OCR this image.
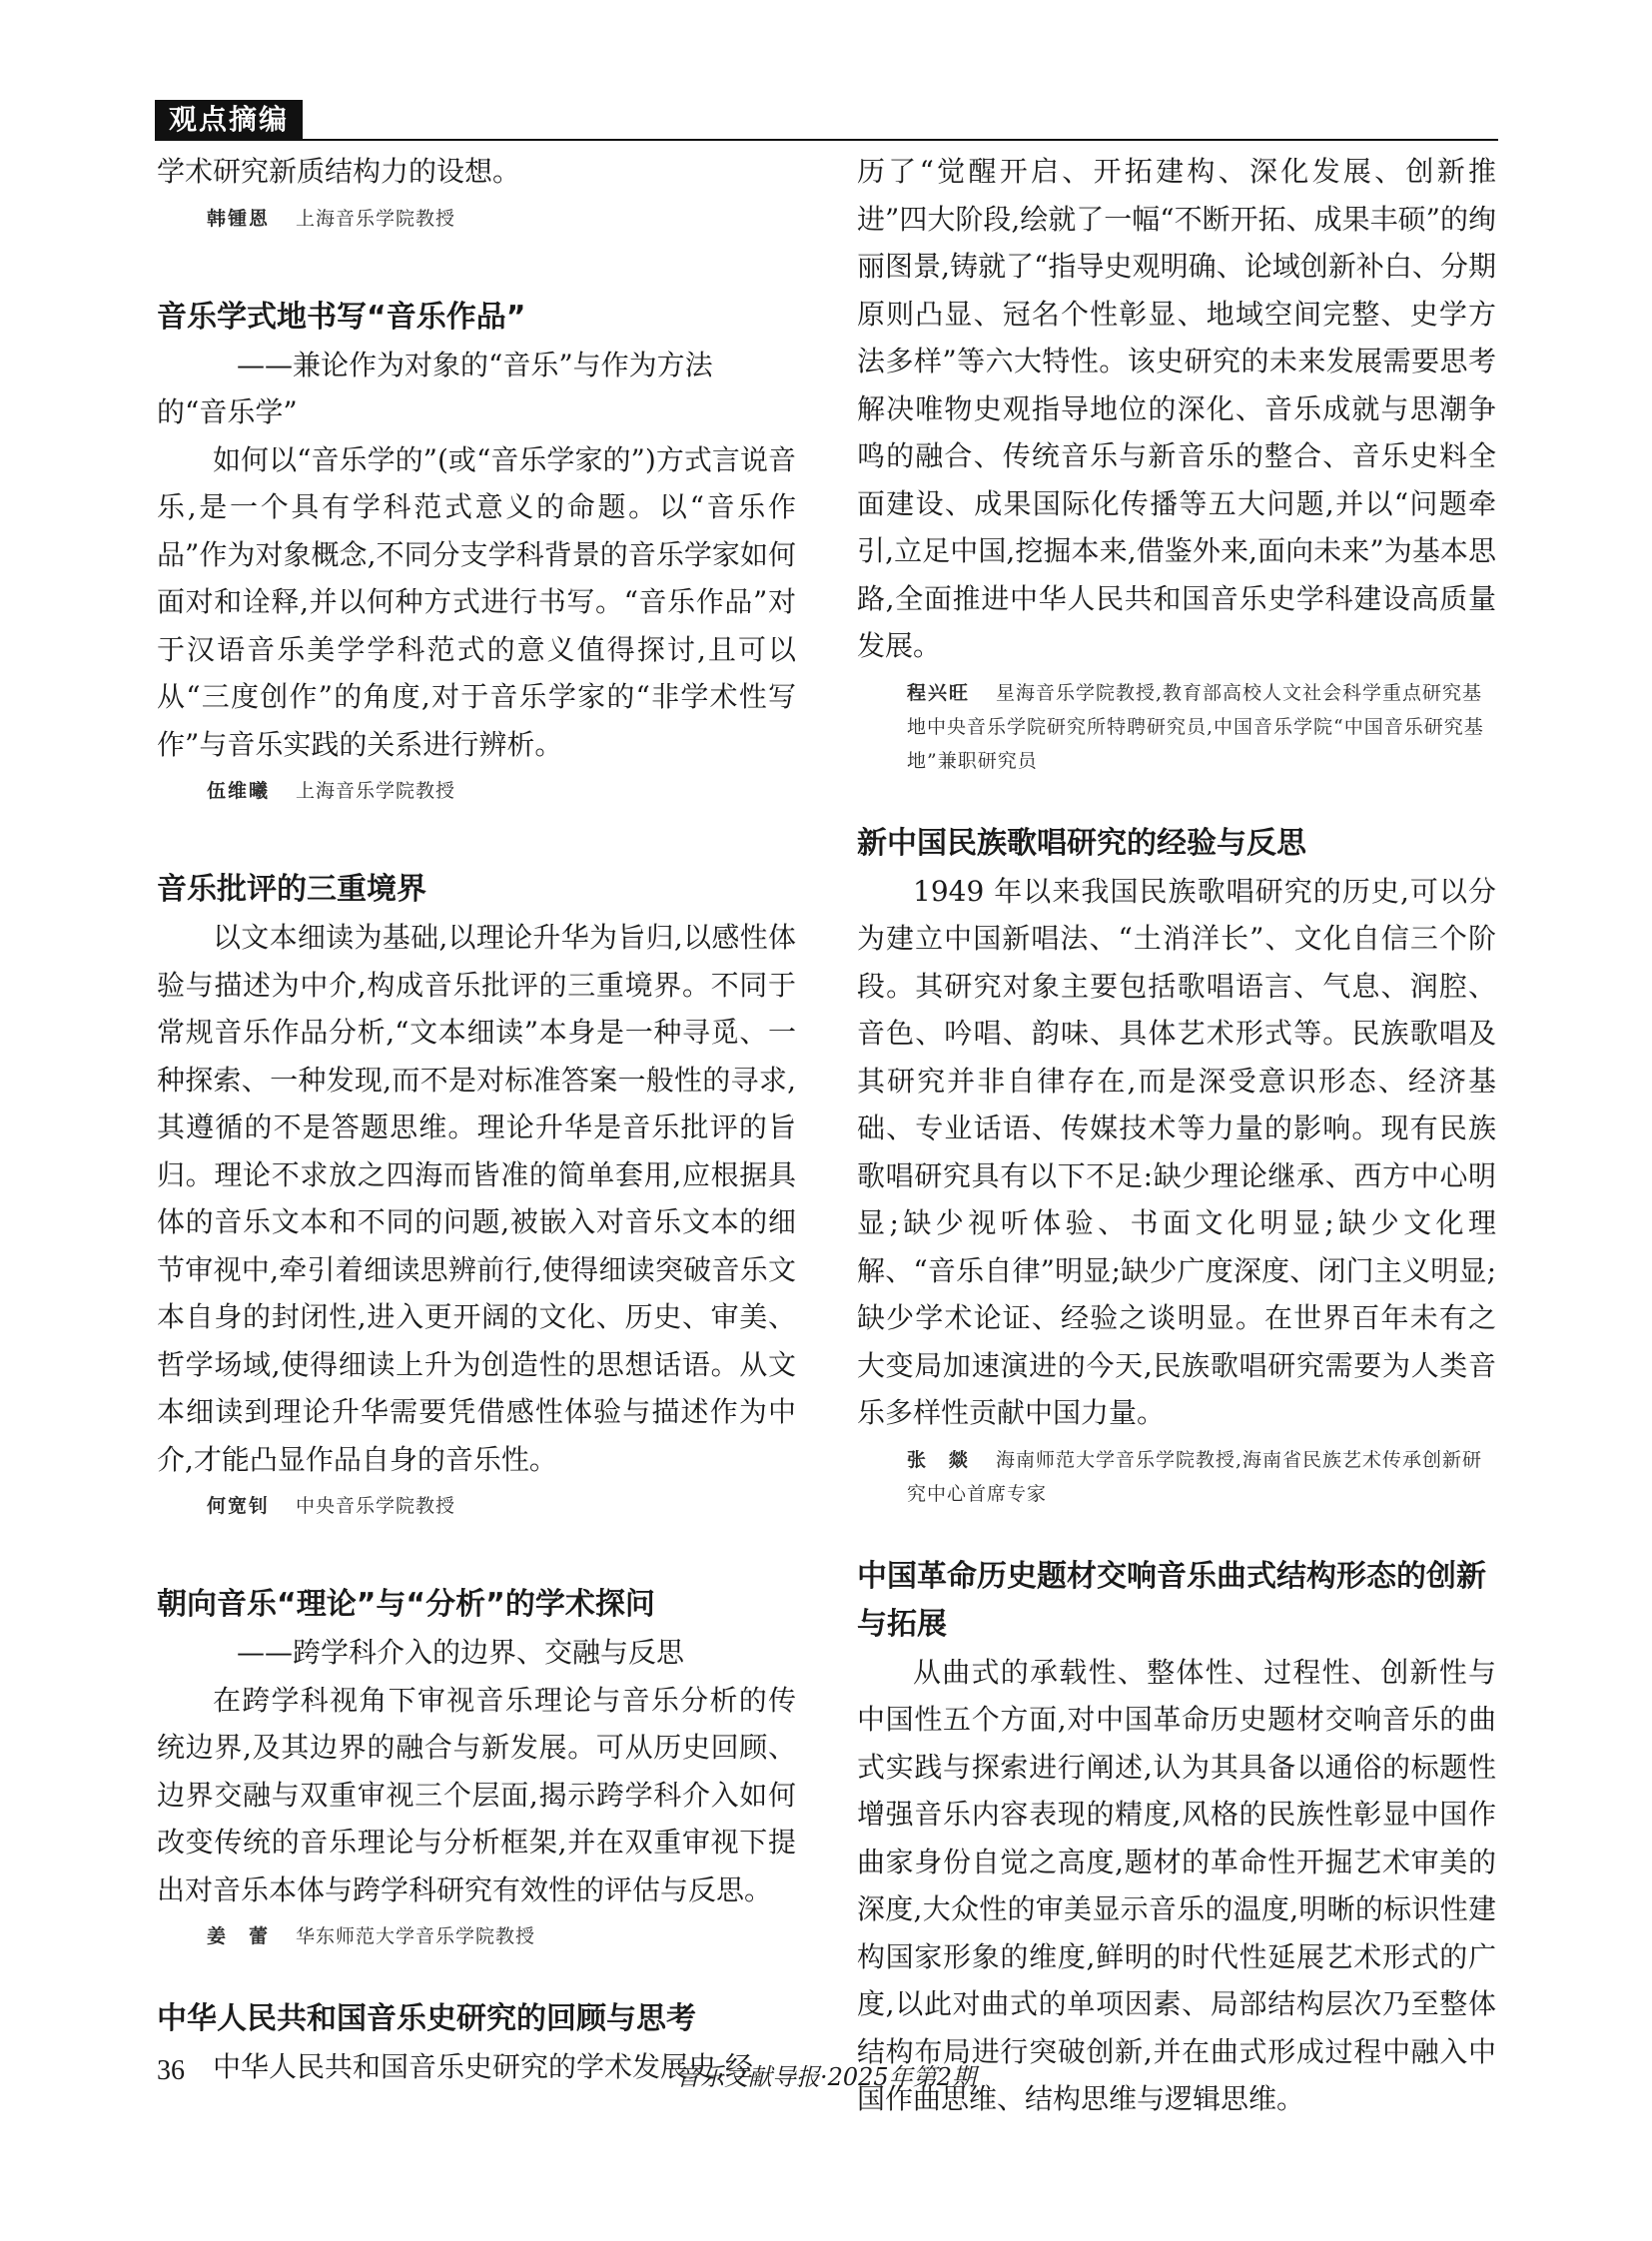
观点摘编

学术研究新质结构力的设想。

韩锺恩 上海音乐学院教授
音乐学式地书写“音乐作品”

——兼论作为对象的“音乐”与作为方法

的“音乐学”

如何以“音乐学的”(或“音乐学家的”)方式言说音乐,是一个具有学科范式意义的命题。以“音乐作品”作为对象概念,不同分支学科背景的音乐学家如何面对和诠释,并以何种方式进行书写。“音乐作品”对于汉语音乐美学学科范式的意义值得探讨,且可以从“三度创作”的角度,对于音乐学家的“非学术性写作”与音乐实践的关系进行辨析。

伍维曦 上海音乐学院教授
音乐批评的三重境界

以文本细读为基础,以理论升华为旨归,以感性体验与描述为中介,构成音乐批评的三重境界。不同于常规音乐作品分析,“文本细读”本身是一种寻觅、一种探索、一种发现,而不是对标准答案一般性的寻求,其遵循的不是答题思维。理论升华是音乐批评的旨归。理论不求放之四海而皆准的简单套用,应根据具体的音乐文本和不同的问题,被嵌入对音乐文本的细节审视中,牵引着细读思辨前行,使得细读突破音乐文本自身的封闭性,进入更开阔的文化、历史、审美、哲学场域,使得细读上升为创造性的思想话语。从文本细读到理论升华需要凭借感性体验与描述作为中介,才能凸显作品自身的音乐性。

何宽钊 中央音乐学院教授
朝向音乐“理论”与“分析”的学术探问

——跨学科介入的边界、交融与反思

在跨学科视角下审视音乐理论与音乐分析的传统边界,及其边界的融合与新发展。可从历史回顾、边界交融与双重审视三个层面,揭示跨学科介入如何改变传统的音乐理论与分析框架,并在双重审视下提出对音乐本体与跨学科研究有效性的评估与反思。

姜　蕾 华东师范大学音乐学院教授
中华人民共和国音乐史研究的回顾与思考

中华人民共和国音乐史研究的学术发展史,经

历了“觉醒开启、开拓建构、深化发展、创新推进”四大阶段,绘就了一幅“不断开拓、成果丰硕”的绚丽图景,铸就了“指导史观明确、论域创新补白、分期原则凸显、冠名个性彰显、地域空间完整、史学方法多样”等六大特性。该史研究的未来发展需要思考解决唯物史观指导地位的深化、音乐成就与思潮争鸣的融合、传统音乐与新音乐的整合、音乐史料全面建设、成果国际化传播等五大问题,并以“问题牵引,立足中国,挖掘本来,借鉴外来,面向未来”为基本思路,全面推进中华人民共和国音乐史学科建设高质量发展。

程兴旺 星海音乐学院教授,教育部高校人文社会科学重点研究基地中央音乐学院研究所特聘研究员,中国音乐学院“中国音乐研究基地”兼职研究员
新中国民族歌唱研究的经验与反思

1949 年以来我国民族歌唱研究的历史,可以分为建立中国新唱法、“土消洋长”、文化自信三个阶段。其研究对象主要包括歌唱语言、气息、润腔、音色、吟唱、韵味、具体艺术形式等。民族歌唱及其研究并非自律存在,而是深受意识形态、经济基础、专业话语、传媒技术等力量的影响。现有民族歌唱研究具有以下不足:缺少理论继承、西方中心明显;缺少视听体验、书面文化明显;缺少文化理解、“音乐自律”明显;缺少广度深度、闭门主义明显;缺少学术论证、经验之谈明显。在世界百年未有之大变局加速演进的今天,民族歌唱研究需要为人类音乐多样性贡献中国力量。

张　燚 海南师范大学音乐学院教授,海南省民族艺术传承创新研究中心首席专家
中国革命历史题材交响音乐曲式结构形态的创新与拓展

从曲式的承载性、整体性、过程性、创新性与中国性五个方面,对中国革命历史题材交响音乐的曲式实践与探索进行阐述,认为其具备以通俗的标题性增强音乐内容表现的精度,风格的民族性彰显中国作曲家身份自觉之高度,题材的革命性开掘艺术审美的深度,大众性的审美显示音乐的温度,明晰的标识性建构国家形象的维度,鲜明的时代性延展艺术形式的广度,以此对曲式的单项因素、局部结构层次乃至整体结构布局进行突破创新,并在曲式形成过程中融入中国作曲思维、结构思维与逻辑思维。

36	音乐文献导报·2025年第2期
